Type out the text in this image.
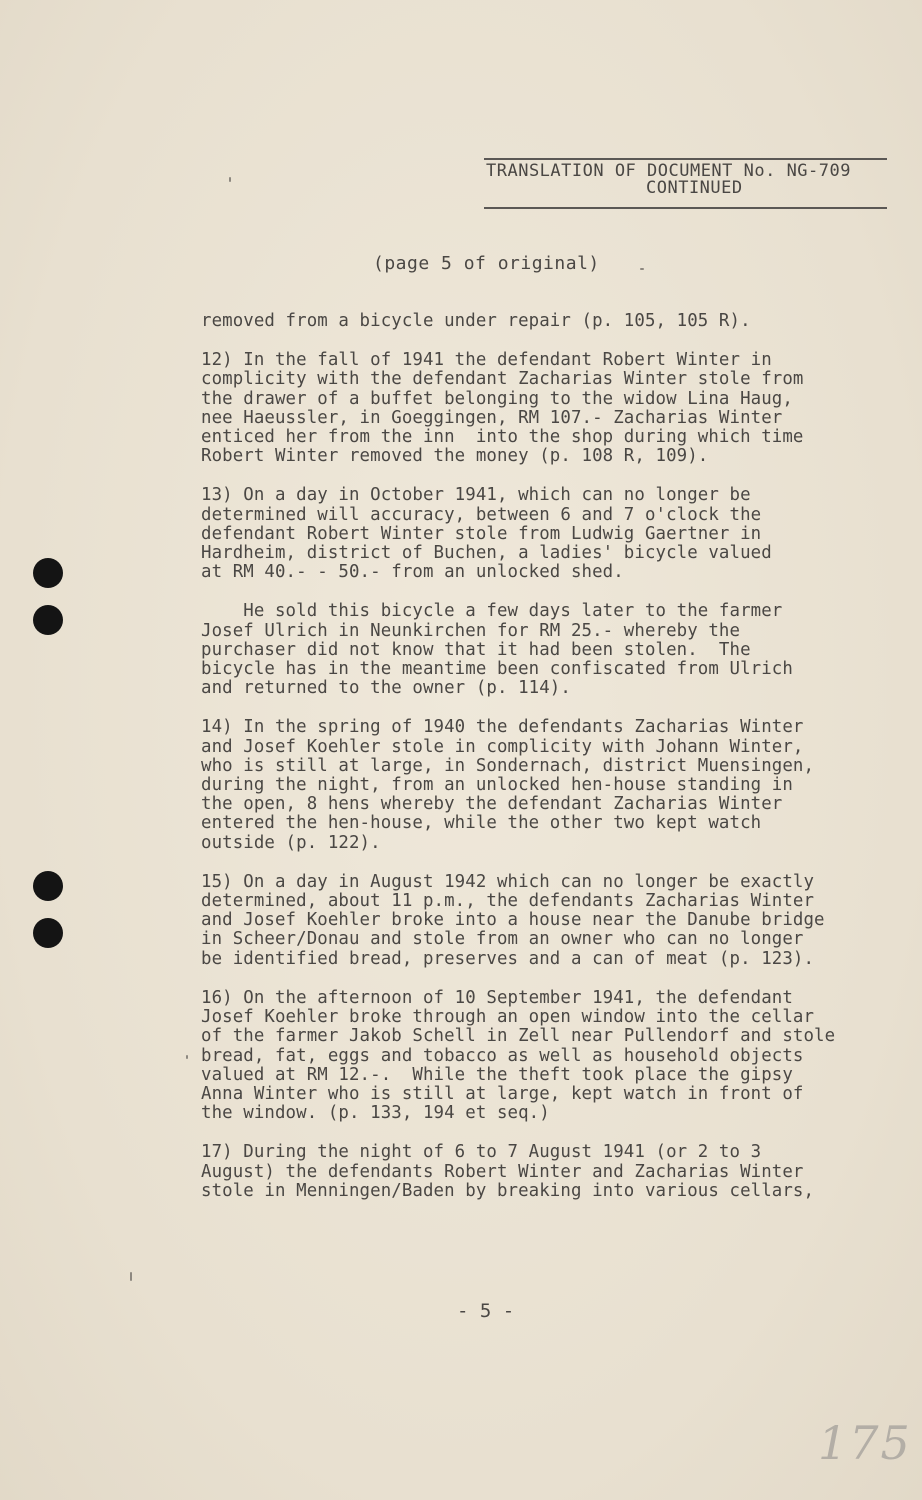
TRANSLATION OF DOCUMENT No. NG-709
CONTINUED
(page 5 of original)

removed from a bicycle under repair (p. 105, 105 R).

12) In the fall of 1941 the defendant Robert Winter in
complicity with the defendant Zacharias Winter stole from
the drawer of a buffet belonging to the widow Lina Haug,
nee Haeussler, in Goeggingen, RM 107.- Zacharias Winter
enticed her from the inn  into the shop during which time
Robert Winter removed the money (p. 108 R, 109).

13) On a day in October 1941, which can no longer be
determined will accuracy, between 6 and 7 o'clock the
defendant Robert Winter stole from Ludwig Gaertner in
Hardheim, district of Buchen, a ladies' bicycle valued
at RM 40.- - 50.- from an unlocked shed.

He sold this bicycle a few days later to the farmer
Josef Ulrich in Neunkirchen for RM 25.- whereby the
purchaser did not know that it had been stolen.  The
bicycle has in the meantime been confiscated from Ulrich
and returned to the owner (p. 114).

14) In the spring of 1940 the defendants Zacharias Winter
and Josef Koehler stole in complicity with Johann Winter,
who is still at large, in Sondernach, district Muensingen,
during the night, from an unlocked hen-house standing in
the open, 8 hens whereby the defendant Zacharias Winter
entered the hen-house, while the other two kept watch
outside (p. 122).

15) On a day in August 1942 which can no longer be exactly
determined, about 11 p.m., the defendants Zacharias Winter
and Josef Koehler broke into a house near the Danube bridge
in Scheer/Donau and stole from an owner who can no longer
be identified bread, preserves and a can of meat (p. 123).

16) On the afternoon of 10 September 1941, the defendant
Josef Koehler broke through an open window into the cellar
of the farmer Jakob Schell in Zell near Pullendorf and stole
bread, fat, eggs and tobacco as well as household objects
valued at RM 12.-.  While the theft took place the gipsy
Anna Winter who is still at large, kept watch in front of
the window. (p. 133, 194 et seq.)

17) During the night of 6 to 7 August 1941 (or 2 to 3
August) the defendants Robert Winter and Zacharias Winter
stole in Menningen/Baden by breaking into various cellars,

- 5 -
175
